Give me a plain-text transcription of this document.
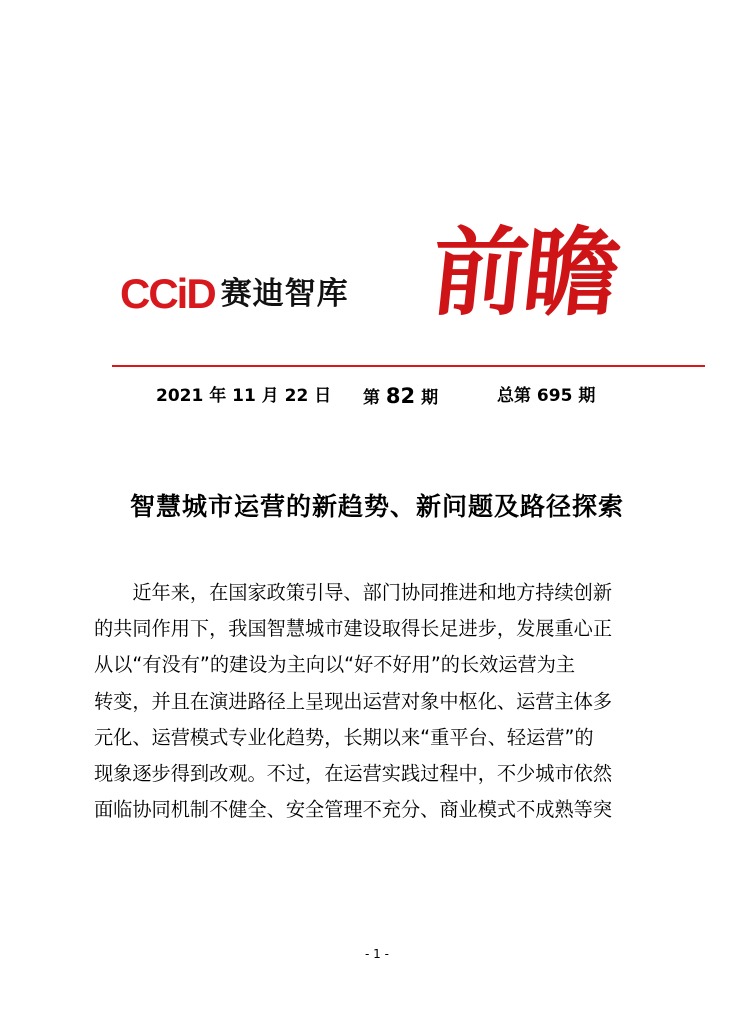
CCiD 赛迪智库 前瞻
2021 年 11 月 22 日 第 82 期	总第 695 期
智慧城市运营的新趋势、新问题及路径探索
　　近年来，在国家政策引导、部门协同推进和地方持续创新
的共同作用下，我国智慧城市建设取得长足进步，发展重心正
从以“有没有”的建设为主向以“好不好用”的长效运营为主
转变，并且在演进路径上呈现出运营对象中枢化、运营主体多
元化、运营模式专业化趋势，长期以来“重平台、轻运营”的
现象逐步得到改观。不过，在运营实践过程中，不少城市依然
面临协同机制不健全、安全管理不充分、商业模式不成熟等突
- 1 -
